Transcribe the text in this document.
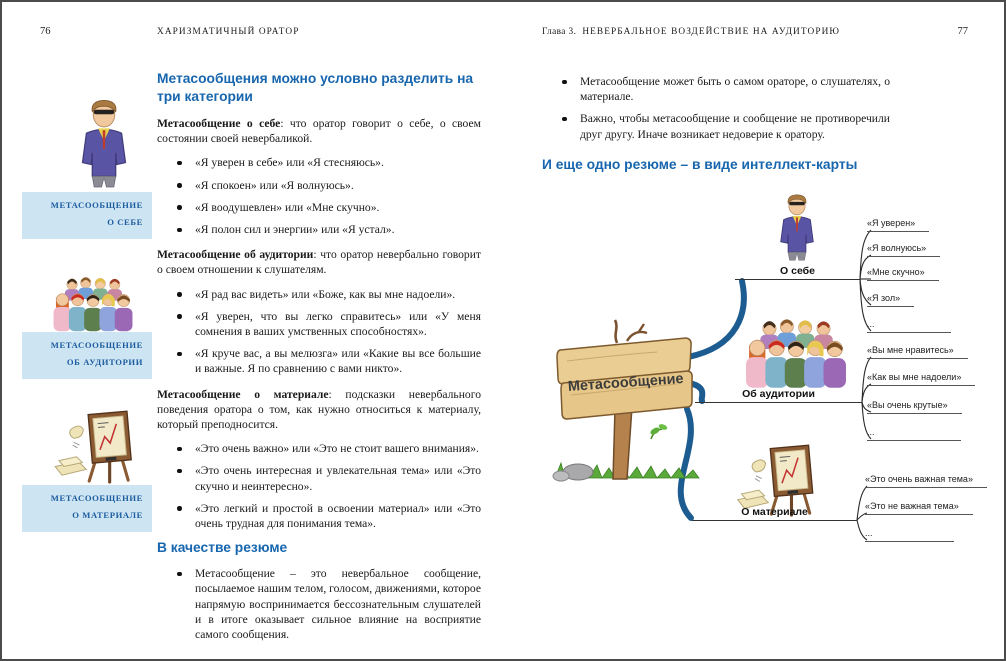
76	ХАРИЗМАТИЧНЫЙ ОРАТОР
МЕТАСООБЩЕНИЕ
О СЕБЕ
МЕТАСООБЩЕНИЕ
ОБ АУДИТОРИИ
МЕТАСООБЩЕНИЕ
О МАТЕРИАЛЕ
Метасообщения можно условно разделить на три категории

Метасообщение о себе: что оратор говорит о себе, о своем состоянии своей невербаликой.

«Я уверен в себе» или «Я стесняюсь».
«Я спокоен» или «Я волнуюсь».
«Я воодушевлен» или «Мне скучно».
«Я полон сил и энергии» или «Я устал».

Метасообщение об аудитории: что оратор невербально говорит о своем отношении к слушателям.

«Я рад вас видеть» или «Боже, как вы мне надоели».
«Я уверен, что вы легко справитесь» или «У меня сомнения в ваших умственных способностях».
«Я круче вас, а вы мелюзга» или «Какие вы все большие и важные. Я по сравнению с вами никто».

Метасообщение о материале: подсказки невербального поведения оратора о том, как нужно относиться к материалу, который преподносится.

«Это очень важно» или «Это не стоит вашего внимания».
«Это очень интересная и увлекательная тема» или «Это скучно и неинтересно».
«Это легкий и простой в освоении материал» или «Это очень трудная для понимания тема».
В качестве резюме
Метасообщение – это невербальное сообщение, посылаемое нашим телом, голосом, движениями, которое напрямую воспринимается бессознательным слушателей и в итоге оказывает сильное влияние на восприятие самого сообщения.
Глава 3. НЕВЕРБАЛЬНОЕ ВОЗДЕЙСТВИЕ НА АУДИТОРИЮ	77
Метасообщение может быть о самом ораторе, о слушателях, о материале.
Важно, чтобы метасообщение и сообщение не противоречили друг другу. Иначе возникает недоверие к оратору.
И еще одно резюме – в виде интеллект-карты
Метасообщение
О себе
Об аудитории
О материале
«Я уверен»
«Я волнуюсь»
«Мне скучно»
«Я зол»
...
«Вы мне нравитесь»
«Как вы мне надоели»
«Вы очень крутые»
...
«Это очень важная тема»
«Это не важная тема»
...
